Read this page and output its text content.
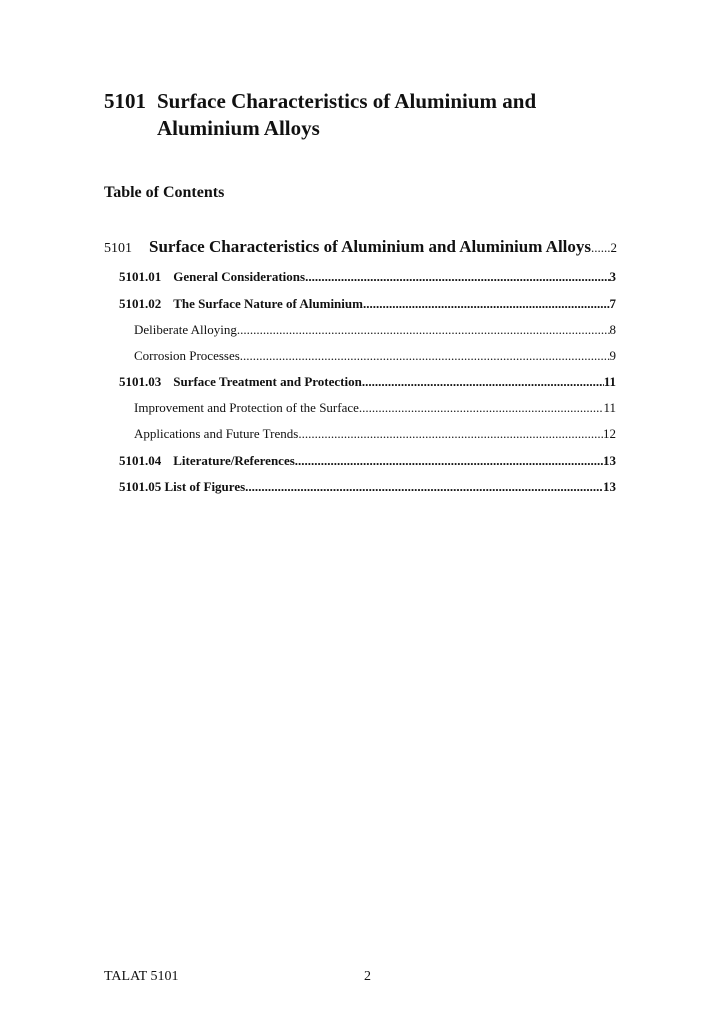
5101 Surface Characteristics of Aluminium and
Aluminium Alloys
Table of Contents
5101 Surface Characteristics of Aluminium and Aluminium Alloys ..... 2
5101.01 General Considerations .....	3
5101.02 The Surface Nature of Aluminium .....	7
Deliberate Alloying .....	8
Corrosion Processes .....	9
5101.03 Surface Treatment and Protection .....	11
Improvement and Protection of the Surface .....	11
Applications and Future Trends .....	12
5101.04 Literature/References .....	13
5101.05 List of Figures .....	13
TALAT 5101	2
